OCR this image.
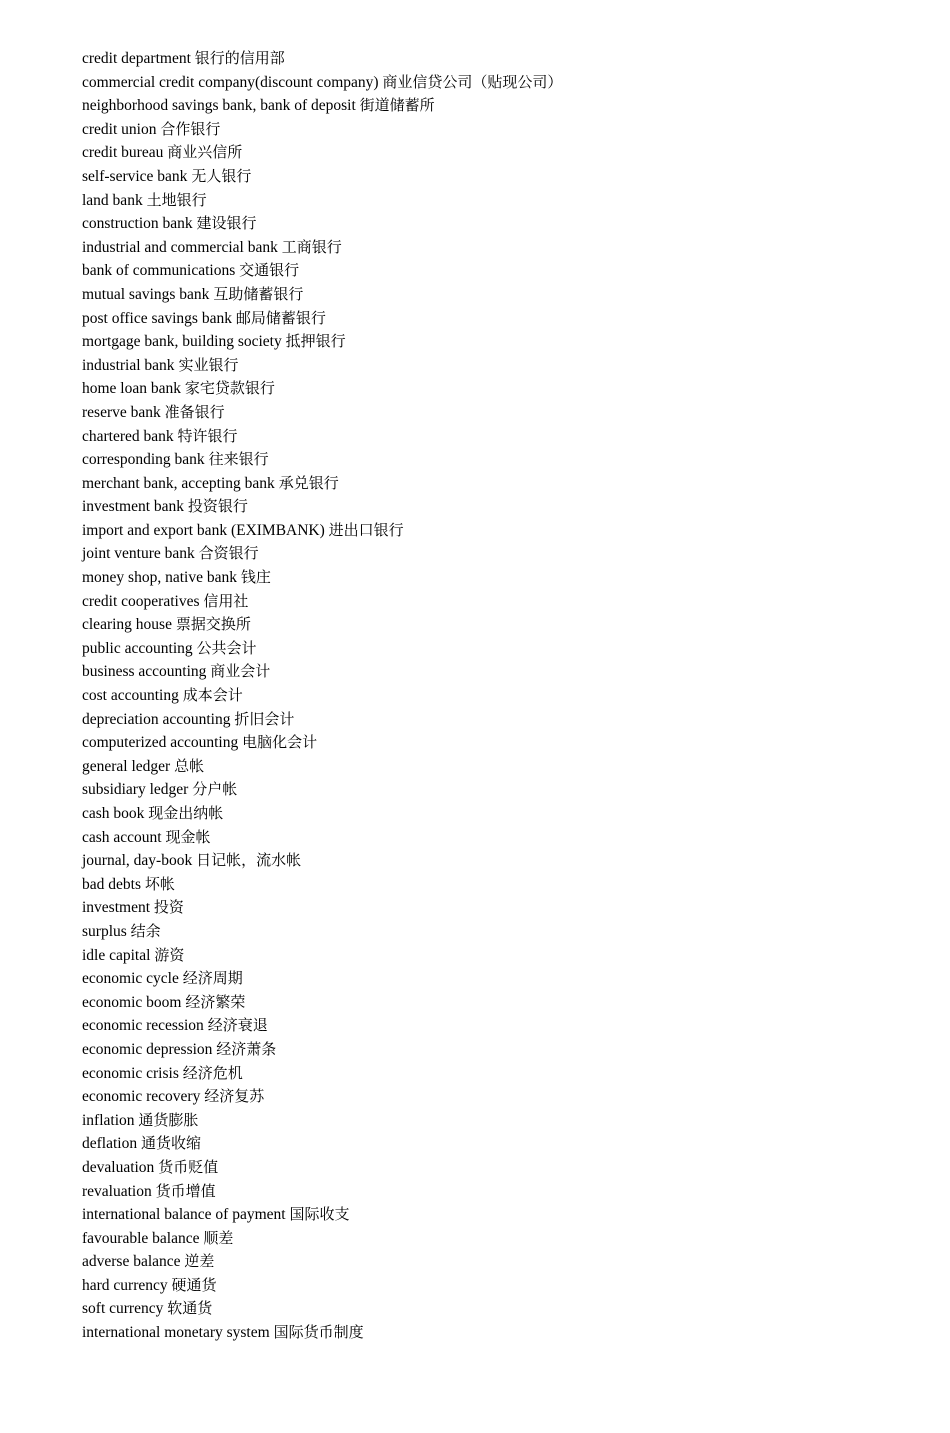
credit department 银行的信用部
commercial credit company(discount company) 商业信贷公司（贴现公司）
neighborhood savings bank, bank of deposit 街道储蓄所
credit union 合作银行
credit bureau 商业兴信所
self-service bank 无人银行
land bank 土地银行
construction bank 建设银行
industrial and commercial bank 工商银行
bank of communications 交通银行
mutual savings bank 互助储蓄银行
post office savings bank 邮局储蓄银行
mortgage bank, building society 抵押银行
industrial bank 实业银行
home loan bank 家宅贷款银行
reserve bank 准备银行
chartered bank 特许银行
corresponding bank 往来银行
merchant bank, accepting bank 承兑银行
investment bank 投资银行
import and export bank (EXIMBANK) 进出口银行
joint venture bank 合资银行
money shop, native bank 钱庄
credit cooperatives 信用社
clearing house 票据交换所
public accounting 公共会计
business accounting 商业会计
cost accounting 成本会计
depreciation accounting 折旧会计
computerized accounting 电脑化会计
general ledger 总帐
subsidiary ledger 分户帐
cash book 现金出纳帐
cash account 现金帐
journal, day-book 日记帐，流水帐
bad debts 坏帐
investment 投资
surplus 结余
idle capital 游资
economic cycle 经济周期
economic boom 经济繁荣
economic recession 经济衰退
economic depression 经济萧条
economic crisis 经济危机
economic recovery 经济复苏
inflation 通货膨胀
deflation 通货收缩
devaluation 货币贬值
revaluation 货币增值
international balance of payment 国际收支
favourable balance 顺差
adverse balance 逆差
hard currency 硬通货
soft currency 软通货
international monetary system 国际货币制度
